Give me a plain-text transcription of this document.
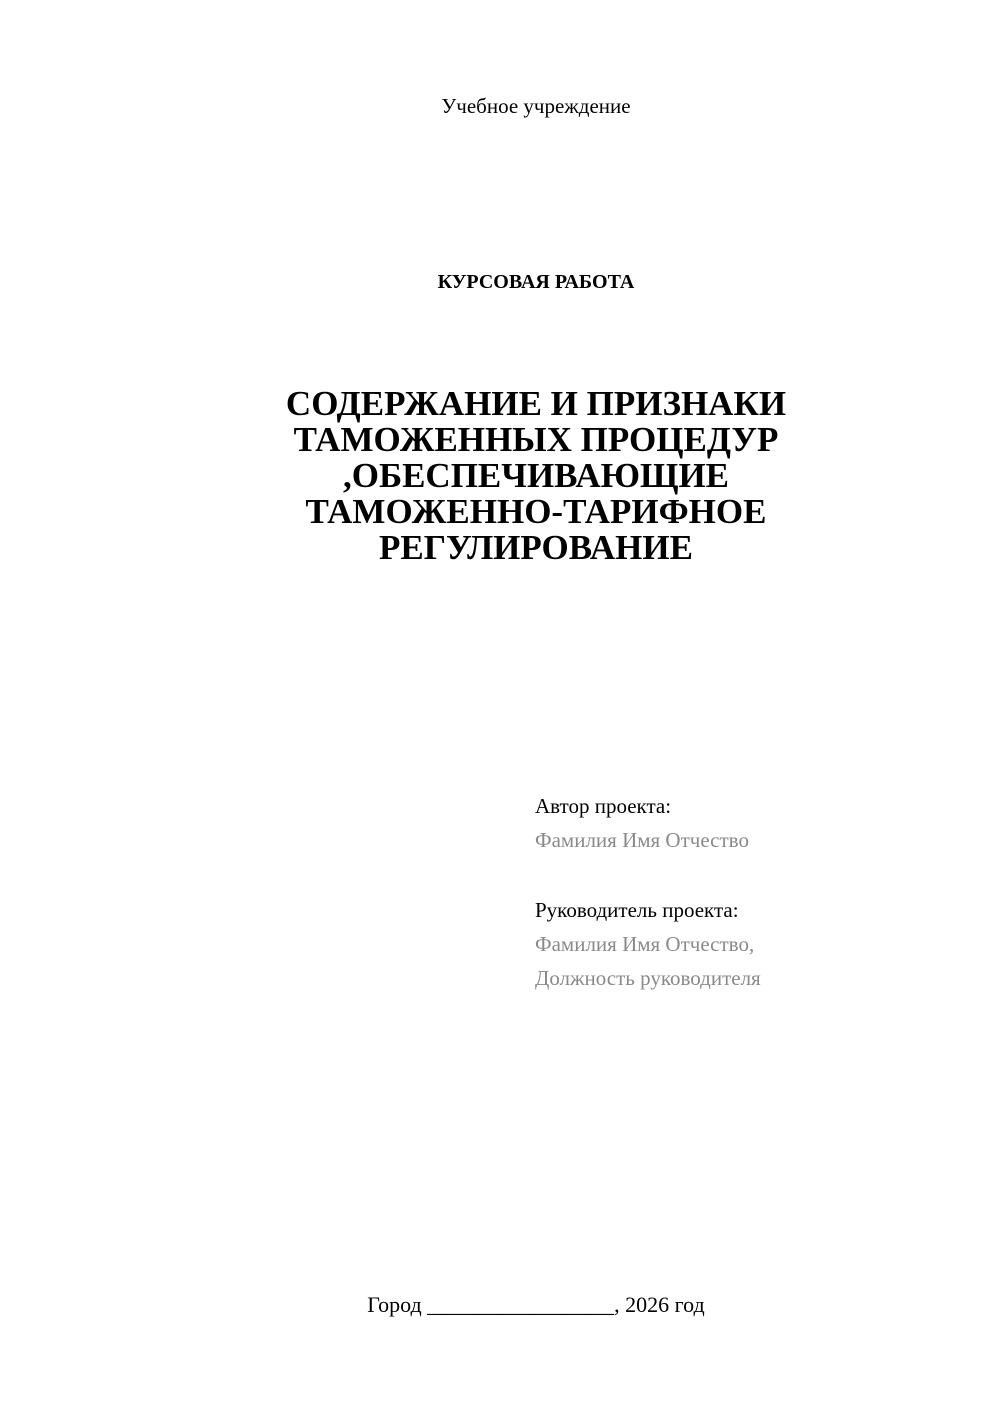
Учебное учреждение
КУРСОВАЯ РАБОТА
СОДЕРЖАНИЕ И ПРИЗНАКИ
ТАМОЖЕННЫХ ПРОЦЕДУР
,ОБЕСПЕЧИВАЮЩИЕ
ТАМОЖЕННО-ТАРИФНОЕ
РЕГУЛИРОВАНИЕ
Автор проекта:
Фамилия Имя Отчество
Руководитель проекта:
Фамилия Имя Отчество,
Должность руководителя
Город _________________, 2026 год
